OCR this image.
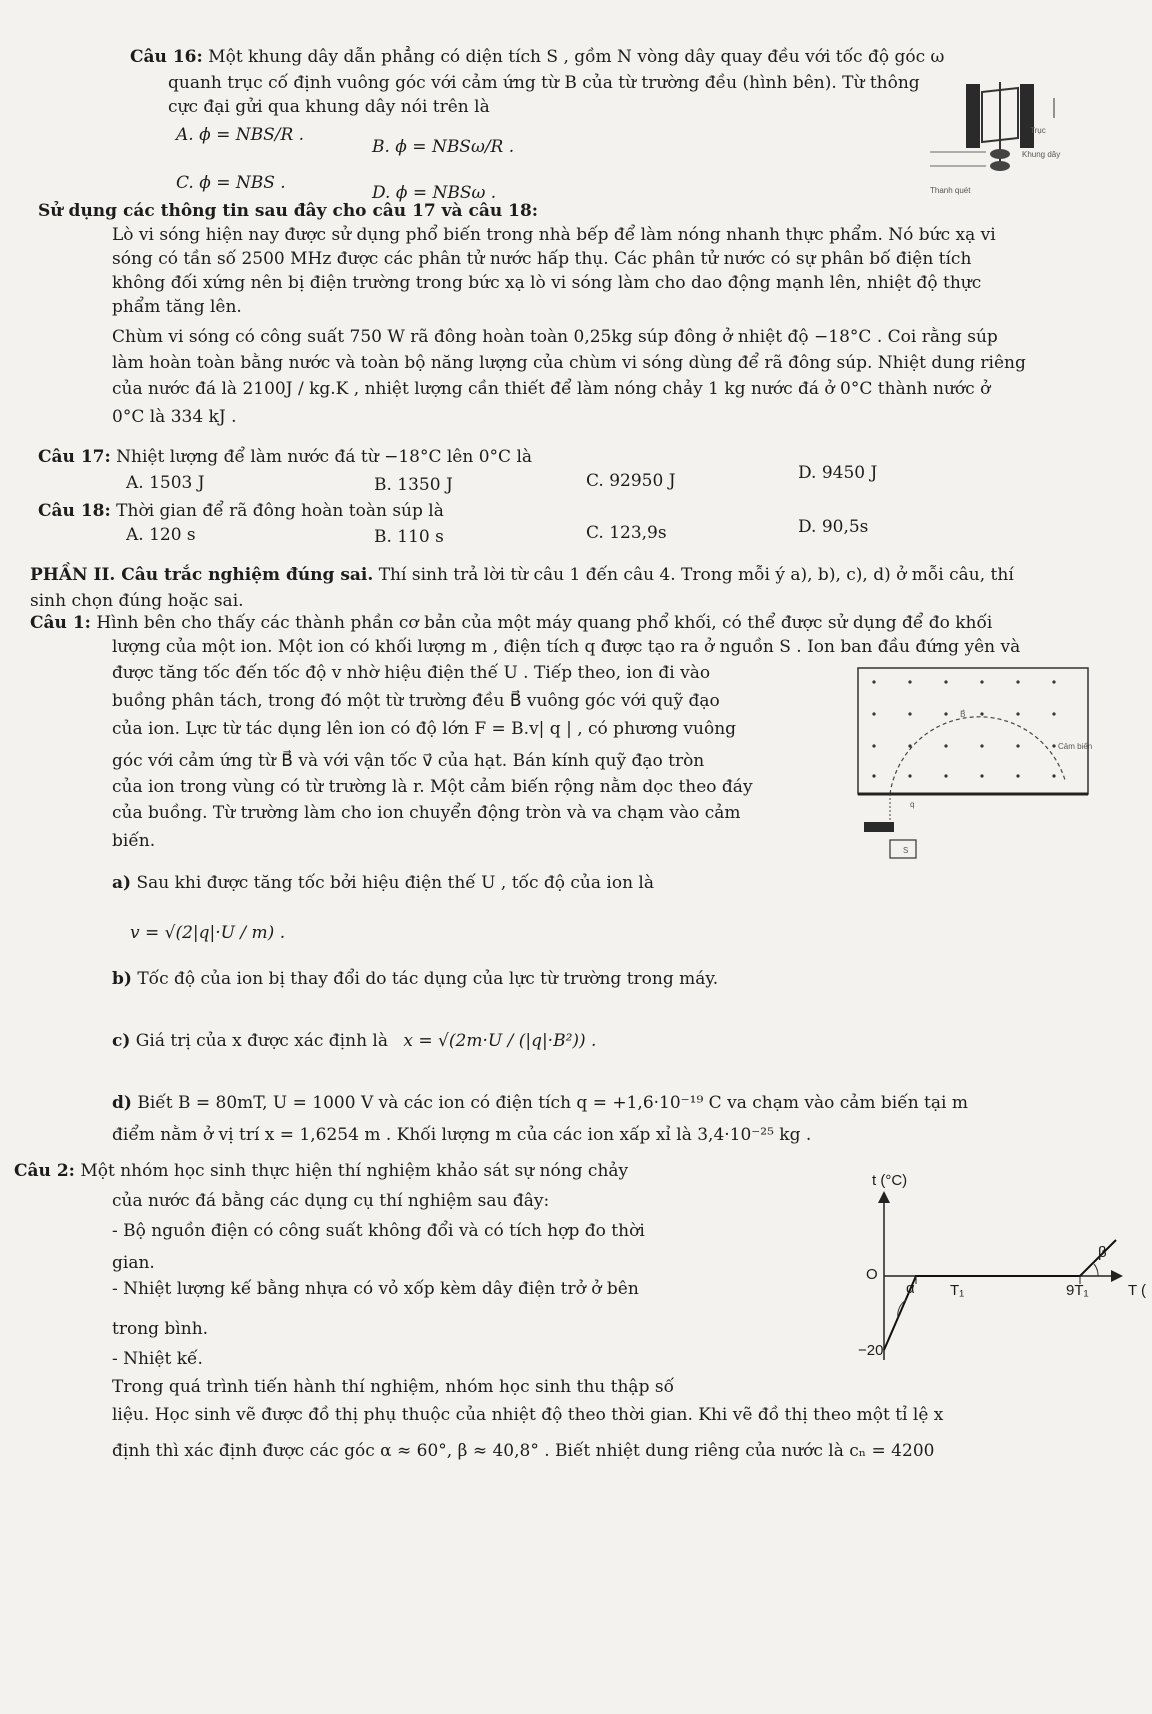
Câu 16: Một khung dây dẫn phẳng có diện tích S , gồm N vòng dây quay đều với tốc độ góc ω
quanh trục cố định vuông góc với cảm ứng từ B của từ trường đều (hình bên). Từ thông
cực đại gửi qua khung dây nói trên là
A. ϕ = NBS/R .
B. ϕ = NBSω/R .
C. ϕ = NBS .	D. ϕ = NBSω .
Trục
Khung dây
Thanh quét
Sử dụng các thông tin sau đây cho câu 17 và câu 18:
Lò vi sóng hiện nay được sử dụng phổ biến trong nhà bếp để làm nóng nhanh thực phẩm. Nó bức xạ vi
sóng có tần số 2500 MHz được các phân tử nước hấp thụ. Các phân tử nước có sự phân bố điện tích
không đối xứng nên bị điện trường trong bức xạ lò vi sóng làm cho dao động mạnh lên, nhiệt độ thực
phẩm tăng lên.
Chùm vi sóng có công suất 750 W rã đông hoàn toàn 0,25kg súp đông ở nhiệt độ −18°C . Coi rằng súp
làm hoàn toàn bằng nước và toàn bộ năng lượng của chùm vi sóng dùng để rã đông súp. Nhiệt dung riêng
của nước đá là 2100J / kg.K , nhiệt lượng cần thiết để làm nóng chảy 1 kg nước đá ở 0°C thành nước ở
0°C là 334 kJ .
Câu 17: Nhiệt lượng để làm nước đá từ −18°C lên 0°C là
A. 1503 J	B. 1350 J	C. 92950 J	D. 9450 J
Câu 18: Thời gian để rã đông hoàn toàn súp là
A. 120 s	B. 110 s	C. 123,9s	D. 90,5s
PHẦN II. Câu trắc nghiệm đúng sai. Thí sinh trả lời từ câu 1 đến câu 4. Trong mỗi ý a), b), c), d) ở mỗi câu, thí
sinh chọn đúng hoặc sai.
Câu 1: Hình bên cho thấy các thành phần cơ bản của một máy quang phổ khối, có thể được sử dụng để đo khối
lượng của một ion. Một ion có khối lượng m , điện tích q được tạo ra ở nguồn S . Ion ban đầu đứng yên và
được tăng tốc đến tốc độ v nhờ hiệu điện thế U . Tiếp theo, ion đi vào
buồng phân tách, trong đó một từ trường đều B⃗ vuông góc với quỹ đạo
của ion. Lực từ tác dụng lên ion có độ lớn F = B.v| q | , có phương vuông
góc với cảm ứng từ B⃗ và với vận tốc v⃗ của hạt. Bán kính quỹ đạo tròn
của ion trong vùng có từ trường là r. Một cảm biến rộng nằm dọc theo đáy
của buồng. Từ trường làm cho ion chuyển động tròn và va chạm vào cảm
biến.
B⃗
Cảm biến
S
q
a) Sau khi được tăng tốc bởi hiệu điện thế U , tốc độ của ion là
v = √(2|q|·U / m) .
b) Tốc độ của ion bị thay đổi do tác dụng của lực từ trường trong máy.
c) Giá trị của x được xác định là x = √(2m·U / (|q|·B²)) .
d) Biết B = 80mT, U = 1000 V và các ion có điện tích q = +1,6·10⁻¹⁹ C va chạm vào cảm biến tại m
điểm nằm ở vị trí x = 1,6254 m . Khối lượng m của các ion xấp xỉ là 3,4·10⁻²⁵ kg .
Câu 2: Một nhóm học sinh thực hiện thí nghiệm khảo sát sự nóng chảy
của nước đá bằng các dụng cụ thí nghiệm sau đây:
- Bộ nguồn điện có công suất không đổi và có tích hợp đo thời
gian.
- Nhiệt lượng kế bằng nhựa có vỏ xốp kèm dây điện trở ở bên
trong bình.
- Nhiệt kế.
Trong quá trình tiến hành thí nghiệm, nhóm học sinh thu thập số
liệu. Học sinh vẽ được đồ thị phụ thuộc của nhiệt độ theo thời gian. Khi vẽ đồ thị theo một tỉ lệ x
định thì xác định được các góc α ≈ 60°, β ≈ 40,8° . Biết nhiệt dung riêng của nước là cₙ = 4200
t (°C)
O
−20
α T₁	9T₁	T (
β
